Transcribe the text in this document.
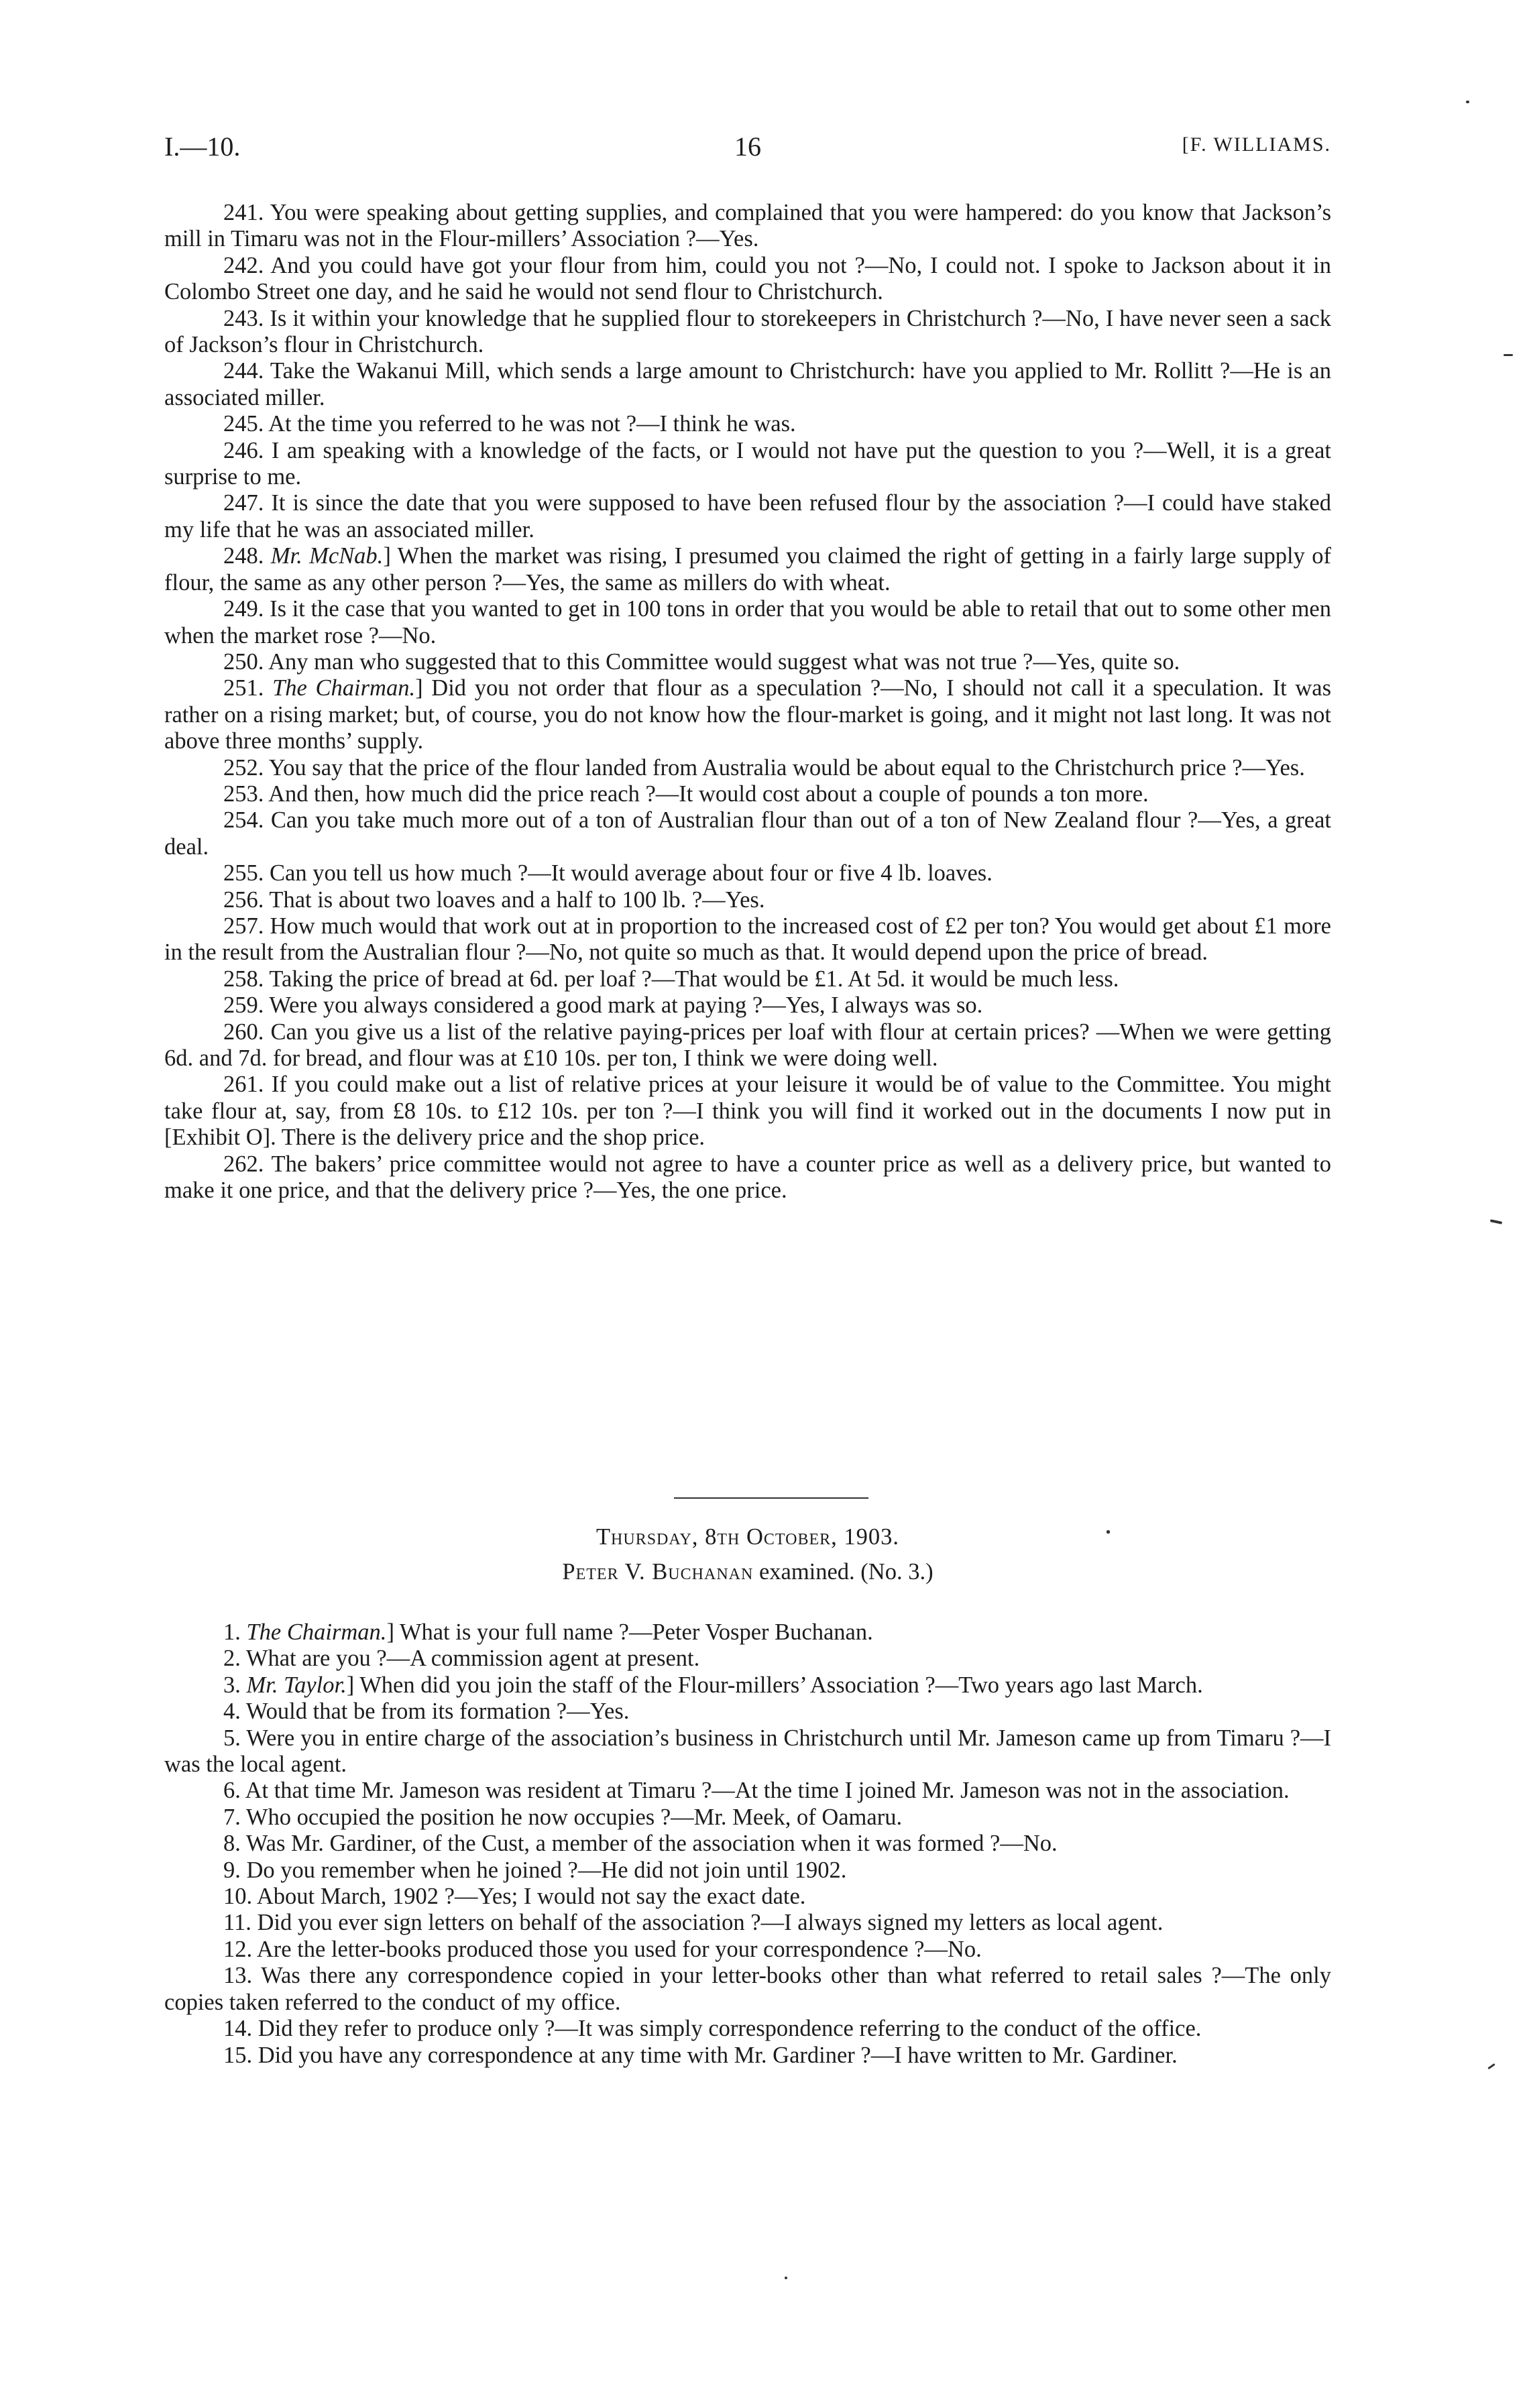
I.—10.	16	[F. WILLIAMS.

241. You were speaking about getting supplies, and complained that you were hampered: do you know that Jackson’s mill in Timaru was not in the Flour-millers’ Association ?—Yes.

242. And you could have got your flour from him, could you not ?—No, I could not. I spoke to Jackson about it in Colombo Street one day, and he said he would not send flour to Christchurch.

243. Is it within your knowledge that he supplied flour to storekeepers in Christchurch ?—No, I have never seen a sack of Jackson’s flour in Christchurch.

244. Take the Wakanui Mill, which sends a large amount to Christchurch: have you applied to Mr. Rollitt ?—He is an associated miller.

245. At the time you referred to he was not ?—I think he was.

246. I am speaking with a knowledge of the facts, or I would not have put the question to you ?—Well, it is a great surprise to me.

247. It is since the date that you were supposed to have been refused flour by the association ?—I could have staked my life that he was an associated miller.

248. Mr. McNab.] When the market was rising, I presumed you claimed the right of getting in a fairly large supply of flour, the same as any other person ?—Yes, the same as millers do with wheat.

249. Is it the case that you wanted to get in 100 tons in order that you would be able to retail that out to some other men when the market rose ?—No.

250. Any man who suggested that to this Committee would suggest what was not true ?—Yes, quite so.

251. The Chairman.] Did you not order that flour as a speculation ?—No, I should not call it a speculation. It was rather on a rising market; but, of course, you do not know how the flour-market is going, and it might not last long. It was not above three months’ supply.

252. You say that the price of the flour landed from Australia would be about equal to the Christchurch price ?—Yes.

253. And then, how much did the price reach ?—It would cost about a couple of pounds a ton more.

254. Can you take much more out of a ton of Australian flour than out of a ton of New Zealand flour ?—Yes, a great deal.

255. Can you tell us how much ?—It would average about four or five 4 lb. loaves.

256. That is about two loaves and a half to 100 lb. ?—Yes.

257. How much would that work out at in proportion to the increased cost of £2 per ton? You would get about £1 more in the result from the Australian flour ?—No, not quite so much as that. It would depend upon the price of bread.

258. Taking the price of bread at 6d. per loaf ?—That would be £1. At 5d. it would be much less.

259. Were you always considered a good mark at paying ?—Yes, I always was so.

260. Can you give us a list of the relative paying-prices per loaf with flour at certain prices? —When we were getting 6d. and 7d. for bread, and flour was at £10 10s. per ton, I think we were doing well.

261. If you could make out a list of relative prices at your leisure it would be of value to the Committee. You might take flour at, say, from £8 10s. to £12 10s. per ton ?—I think you will find it worked out in the documents I now put in [Exhibit O]. There is the delivery price and the shop price.

262. The bakers’ price committee would not agree to have a counter price as well as a delivery price, but wanted to make it one price, and that the delivery price ?—Yes, the one price.

Thursday, 8th October, 1903.
Peter V. Buchanan examined. (No. 3.)

1. The Chairman.] What is your full name ?—Peter Vosper Buchanan.

2. What are you ?—A commission agent at present.

3. Mr. Taylor.] When did you join the staff of the Flour-millers’ Association ?—Two years ago last March.

4. Would that be from its formation ?—Yes.

5. Were you in entire charge of the association’s business in Christchurch until Mr. Jameson came up from Timaru ?—I was the local agent.

6. At that time Mr. Jameson was resident at Timaru ?—At the time I joined Mr. Jameson was not in the association.

7. Who occupied the position he now occupies ?—Mr. Meek, of Oamaru.

8. Was Mr. Gardiner, of the Cust, a member of the association when it was formed ?—No.

9. Do you remember when he joined ?—He did not join until 1902.

10. About March, 1902 ?—Yes; I would not say the exact date.

11. Did you ever sign letters on behalf of the association ?—I always signed my letters as local agent.

12. Are the letter-books produced those you used for your correspondence ?—No.

13. Was there any correspondence copied in your letter-books other than what referred to retail sales ?—The only copies taken referred to the conduct of my office.

14. Did they refer to produce only ?—It was simply correspondence referring to the conduct of the office.

15. Did you have any correspondence at any time with Mr. Gardiner ?—I have written to Mr. Gardiner.
